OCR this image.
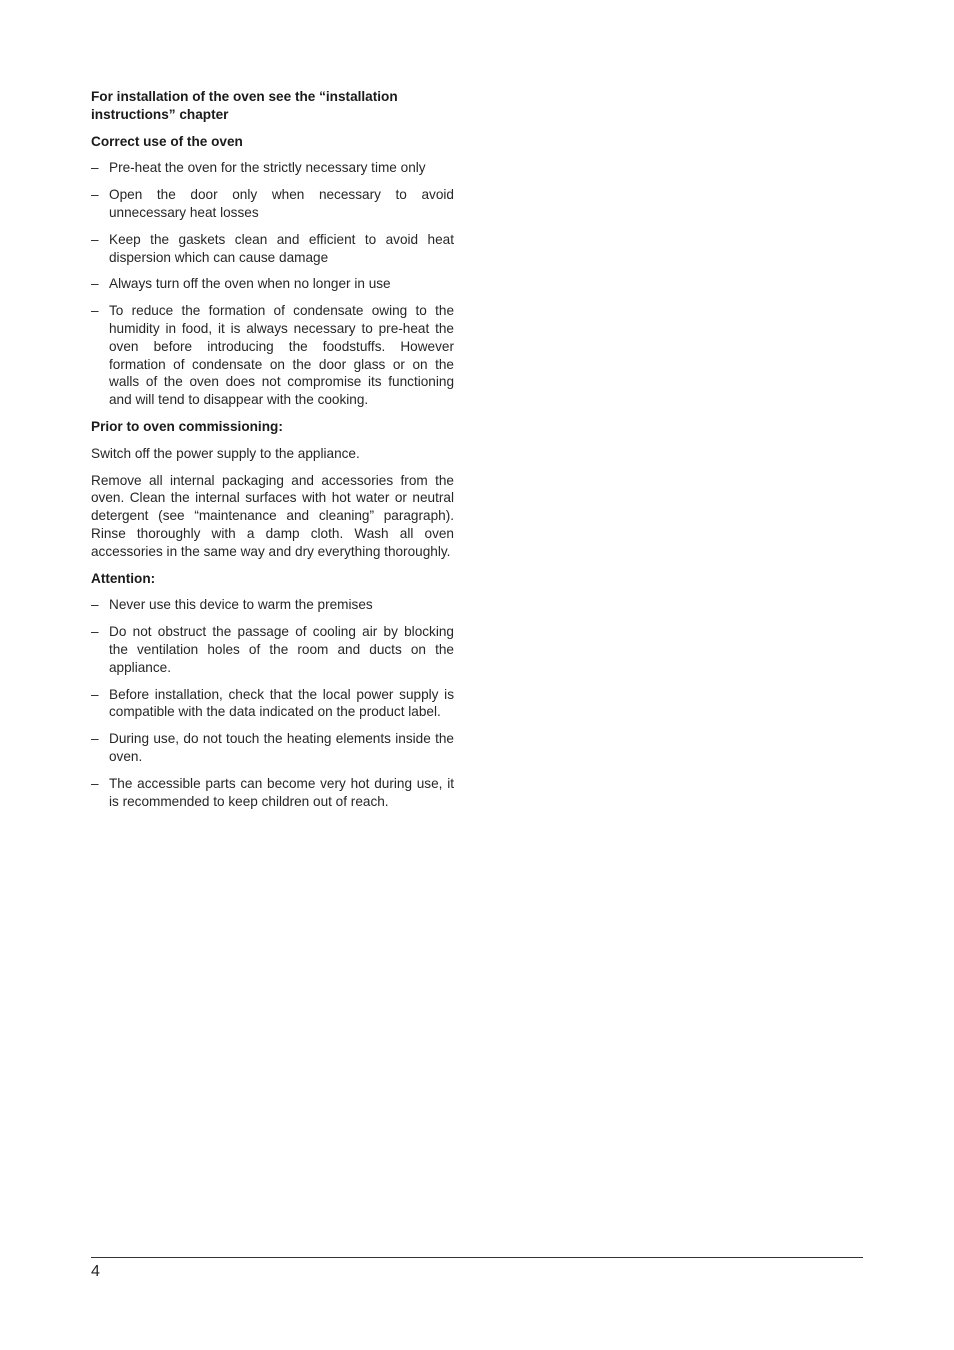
For installation of the oven see the “installation instructions” chapter
Correct use of the oven
– Pre-heat the oven for the strictly necessary time only
– Open the door only when necessary to avoid unnecessary heat losses
– Keep the gaskets clean and efficient to avoid heat dispersion which can cause damage
– Always turn off the oven when no longer in use
– To reduce the formation of condensate owing to the humidity in food, it is always necessary to pre-heat the oven before introducing the foodstuffs. However formation of condensate on the door glass or on the walls of the oven does not compromise its functioning and will tend to disappear with the cooking.
Prior to oven commissioning:

Switch off the power supply to the appliance.

Remove all internal packaging and accessories from the oven. Clean the internal surfaces with hot water or neutral detergent (see “maintenance and cleaning” paragraph). Rinse thoroughly with a damp cloth. Wash all oven accessories in the same way and dry everything thoroughly.

Attention:
– Never use this device to warm the premises
– Do not obstruct the passage of cooling air by blocking the ventilation holes of the room and ducts on the appliance.
– Before installation, check that the local power supply is compatible with the data indicated on the product label.
– During use, do not touch the heating elements inside the oven.
– The accessible parts can become very hot during use, it is recommended to keep children out of reach.
4
